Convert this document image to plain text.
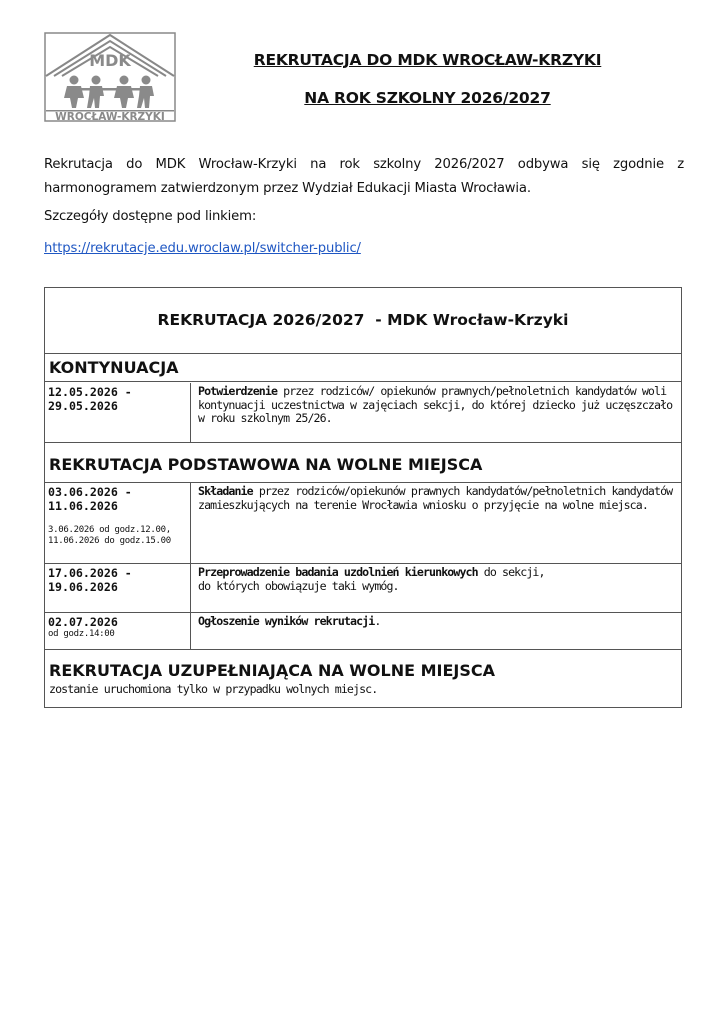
MDK
WROCŁAW-KRZYKI
REKRUTACJA DO MDK WROCŁAW-KRZYKI
NA ROK SZKOLNY 2026/2027

Rekrutacja do MDK Wrocław-Krzyki na rok szkolny 2026/2027 odbywa się zgodnie z harmonogramem zatwierdzonym przez Wydział Edukacji Miasta Wrocławia.

Szczegóły dostępne pod linkiem:

https://rekrutacje.edu.wroclaw.pl/switcher-public/
REKRUTACJA 2026/2027  - MDK Wrocław-Krzyki
KONTYNUACJA
12.05.2026 -
29.05.2026
Potwierdzenie przez rodziców/ opiekunów prawnych/pełnoletnich kandydatów woli kontynuacji uczestnictwa w zajęciach sekcji, do której dziecko już uczęszczało w roku szkolnym 25/26.
REKRUTACJA PODSTAWOWA NA WOLNE MIEJSCA
03.06.2026 -
11.06.2026
3.06.2026 od godz.12.00,
11.06.2026 do godz.15.00
Składanie przez rodziców/opiekunów prawnych kandydatów/pełnoletnich kandydatów zamieszkujących na terenie Wrocławia wniosku o przyjęcie na wolne miejsca.
17.06.2026 -
19.06.2026
Przeprowadzenie badania uzdolnień kierunkowych do sekcji,
do których obowiązuje taki wymóg.
02.07.2026
od godz.14:00
Ogłoszenie wyników rekrutacji.
REKRUTACJA UZUPEŁNIAJĄCA NA WOLNE MIEJSCA
zostanie uruchomiona tylko w przypadku wolnych miejsc.
